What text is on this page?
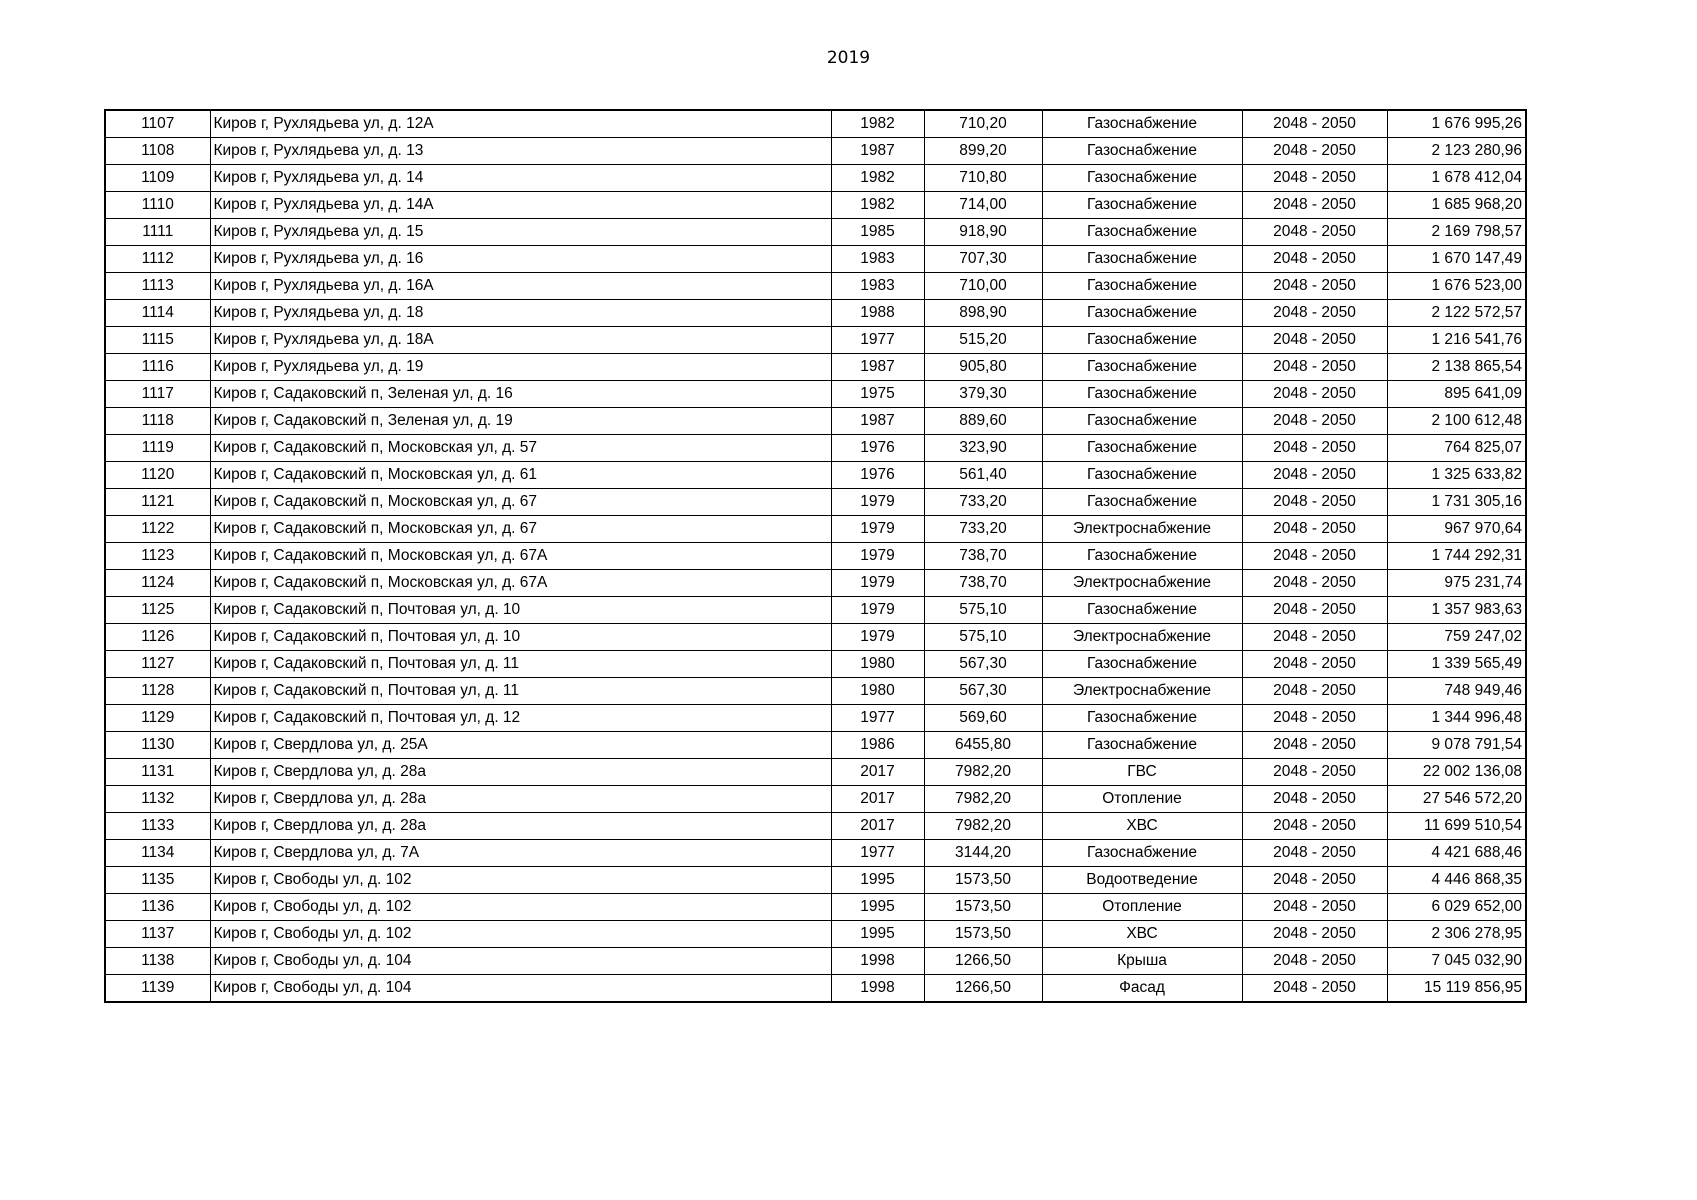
2019
1107	Киров г, Рухлядьева ул, д. 12А	1982	710,20	Газоснабжение	2048 - 2050	1 676 995,26
1108	Киров г, Рухлядьева ул, д. 13	1987	899,20	Газоснабжение	2048 - 2050	2 123 280,96
1109	Киров г, Рухлядьева ул, д. 14	1982	710,80	Газоснабжение	2048 - 2050	1 678 412,04
1110	Киров г, Рухлядьева ул, д. 14А	1982	714,00	Газоснабжение	2048 - 2050	1 685 968,20
1111	Киров г, Рухлядьева ул, д. 15	1985	918,90	Газоснабжение	2048 - 2050	2 169 798,57
1112	Киров г, Рухлядьева ул, д. 16	1983	707,30	Газоснабжение	2048 - 2050	1 670 147,49
1113	Киров г, Рухлядьева ул, д. 16А	1983	710,00	Газоснабжение	2048 - 2050	1 676 523,00
1114	Киров г, Рухлядьева ул, д. 18	1988	898,90	Газоснабжение	2048 - 2050	2 122 572,57
1115	Киров г, Рухлядьева ул, д. 18А	1977	515,20	Газоснабжение	2048 - 2050	1 216 541,76
1116	Киров г, Рухлядьева ул, д. 19	1987	905,80	Газоснабжение	2048 - 2050	2 138 865,54
1117	Киров г, Садаковский п, Зеленая ул, д. 16	1975	379,30	Газоснабжение	2048 - 2050	895 641,09
1118	Киров г, Садаковский п, Зеленая ул, д. 19	1987	889,60	Газоснабжение	2048 - 2050	2 100 612,48
1119	Киров г, Садаковский п, Московская ул, д. 57	1976	323,90	Газоснабжение	2048 - 2050	764 825,07
1120	Киров г, Садаковский п, Московская ул, д. 61	1976	561,40	Газоснабжение	2048 - 2050	1 325 633,82
1121	Киров г, Садаковский п, Московская ул, д. 67	1979	733,20	Газоснабжение	2048 - 2050	1 731 305,16
1122	Киров г, Садаковский п, Московская ул, д. 67	1979	733,20	Электроснабжение	2048 - 2050	967 970,64
1123	Киров г, Садаковский п, Московская ул, д. 67А	1979	738,70	Газоснабжение	2048 - 2050	1 744 292,31
1124	Киров г, Садаковский п, Московская ул, д. 67А	1979	738,70	Электроснабжение	2048 - 2050	975 231,74
1125	Киров г, Садаковский п, Почтовая ул, д. 10	1979	575,10	Газоснабжение	2048 - 2050	1 357 983,63
1126	Киров г, Садаковский п, Почтовая ул, д. 10	1979	575,10	Электроснабжение	2048 - 2050	759 247,02
1127	Киров г, Садаковский п, Почтовая ул, д. 11	1980	567,30	Газоснабжение	2048 - 2050	1 339 565,49
1128	Киров г, Садаковский п, Почтовая ул, д. 11	1980	567,30	Электроснабжение	2048 - 2050	748 949,46
1129	Киров г, Садаковский п, Почтовая ул, д. 12	1977	569,60	Газоснабжение	2048 - 2050	1 344 996,48
1130	Киров г, Свердлова ул, д. 25А	1986	6455,80	Газоснабжение	2048 - 2050	9 078 791,54
1131	Киров г, Свердлова ул, д. 28а	2017	7982,20	ГВС	2048 - 2050	22 002 136,08
1132	Киров г, Свердлова ул, д. 28а	2017	7982,20	Отопление	2048 - 2050	27 546 572,20
1133	Киров г, Свердлова ул, д. 28а	2017	7982,20	ХВС	2048 - 2050	11 699 510,54
1134	Киров г, Свердлова ул, д. 7А	1977	3144,20	Газоснабжение	2048 - 2050	4 421 688,46
1135	Киров г, Свободы ул, д. 102	1995	1573,50	Водоотведение	2048 - 2050	4 446 868,35
1136	Киров г, Свободы ул, д. 102	1995	1573,50	Отопление	2048 - 2050	6 029 652,00
1137	Киров г, Свободы ул, д. 102	1995	1573,50	ХВС	2048 - 2050	2 306 278,95
1138	Киров г, Свободы ул, д. 104	1998	1266,50	Крыша	2048 - 2050	7 045 032,90
1139	Киров г, Свободы ул, д. 104	1998	1266,50	Фасад	2048 - 2050	15 119 856,95
